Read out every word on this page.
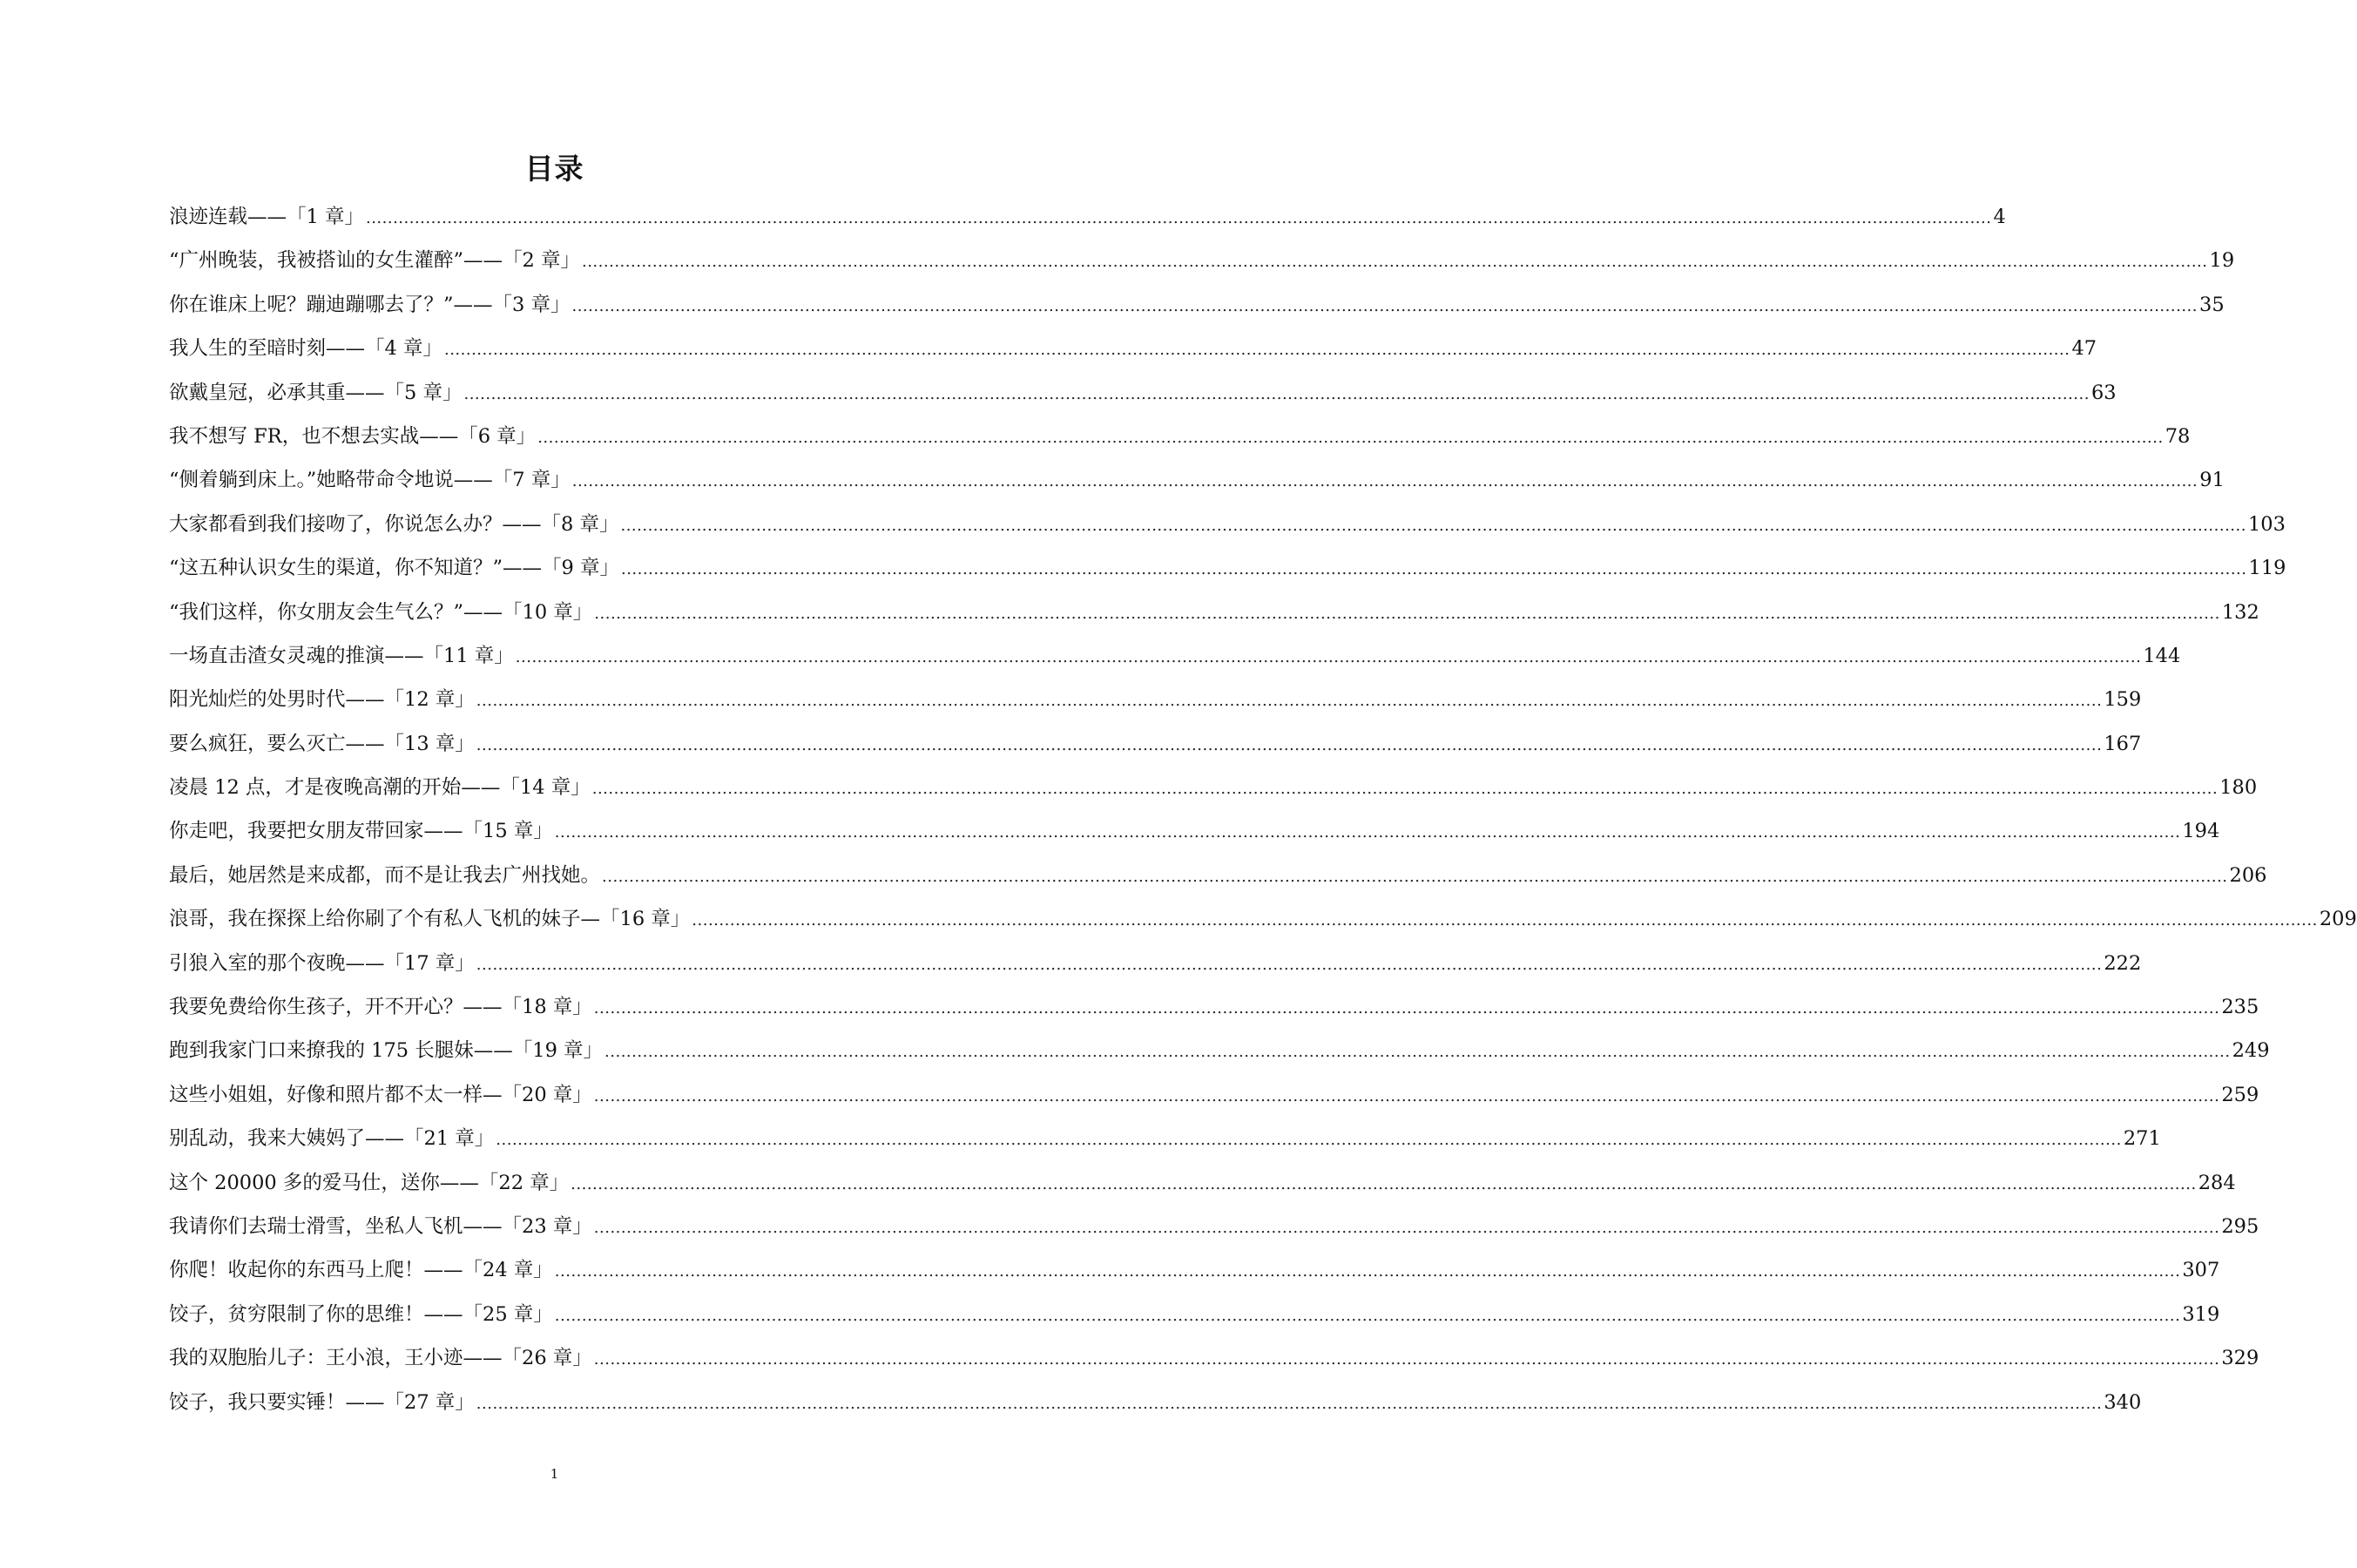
目录
浪迹连载——「1 章」 ............................................................................................................................................................................................................................................................................................................ 4
“广州晚装，我被搭讪的女生灌醉”——「2 章」 ............................................................................................................................................................................................................................................................................................................ 19
你在谁床上呢？蹦迪蹦哪去了？”——「3 章」 ............................................................................................................................................................................................................................................................................................................ 35
我人生的至暗时刻——「4 章」 ............................................................................................................................................................................................................................................................................................................ 47
欲戴皇冠，必承其重——「5 章」 ............................................................................................................................................................................................................................................................................................................ 63
我不想写 FR，也不想去实战——「6 章」 ............................................................................................................................................................................................................................................................................................................ 78
“侧着躺到床上。”她略带命令地说——「7 章」 ............................................................................................................................................................................................................................................................................................................ 91
大家都看到我们接吻了，你说怎么办？——「8 章」 ............................................................................................................................................................................................................................................................................................................ 103
“这五种认识女生的渠道，你不知道？”——「9 章」 ............................................................................................................................................................................................................................................................................................................ 119
“我们这样，你女朋友会生气么？”——「10 章」 ............................................................................................................................................................................................................................................................................................................ 132
一场直击渣女灵魂的推演——「11 章」 ............................................................................................................................................................................................................................................................................................................ 144
阳光灿烂的处男时代——「12 章」 ............................................................................................................................................................................................................................................................................................................ 159
要么疯狂，要么灭亡——「13 章」 ............................................................................................................................................................................................................................................................................................................ 167
凌晨 12 点，才是夜晚高潮的开始——「14 章」 ............................................................................................................................................................................................................................................................................................................ 180
你走吧，我要把女朋友带回家——「15 章」 ............................................................................................................................................................................................................................................................................................................ 194
最后，她居然是来成都，而不是让我去广州找她。 ............................................................................................................................................................................................................................................................................................................ 206
浪哥，我在探探上给你刷了个有私人飞机的妹子—「16 章」 ............................................................................................................................................................................................................................................................................................................ 209
引狼入室的那个夜晚——「17 章」 ............................................................................................................................................................................................................................................................................................................ 222
我要免费给你生孩子，开不开心？——「18 章」 ............................................................................................................................................................................................................................................................................................................ 235
跑到我家门口来撩我的 175 长腿妹——「19 章」 ............................................................................................................................................................................................................................................................................................................ 249
这些小姐姐，好像和照片都不太一样—「20 章」 ............................................................................................................................................................................................................................................................................................................ 259
别乱动，我来大姨妈了——「21 章」 ............................................................................................................................................................................................................................................................................................................ 271
这个 20000 多的爱马仕，送你——「22 章」 ............................................................................................................................................................................................................................................................................................................ 284
我请你们去瑞士滑雪，坐私人飞机——「23 章」 ............................................................................................................................................................................................................................................................................................................ 295
你爬！收起你的东西马上爬！——「24 章」 ............................................................................................................................................................................................................................................................................................................ 307
饺子，贫穷限制了你的思维！——「25 章」 ............................................................................................................................................................................................................................................................................................................ 319
我的双胞胎儿子：王小浪，王小迹——「26 章」 ............................................................................................................................................................................................................................................................................................................ 329
饺子，我只要实锤！——「27 章」 ............................................................................................................................................................................................................................................................................................................ 340
1
